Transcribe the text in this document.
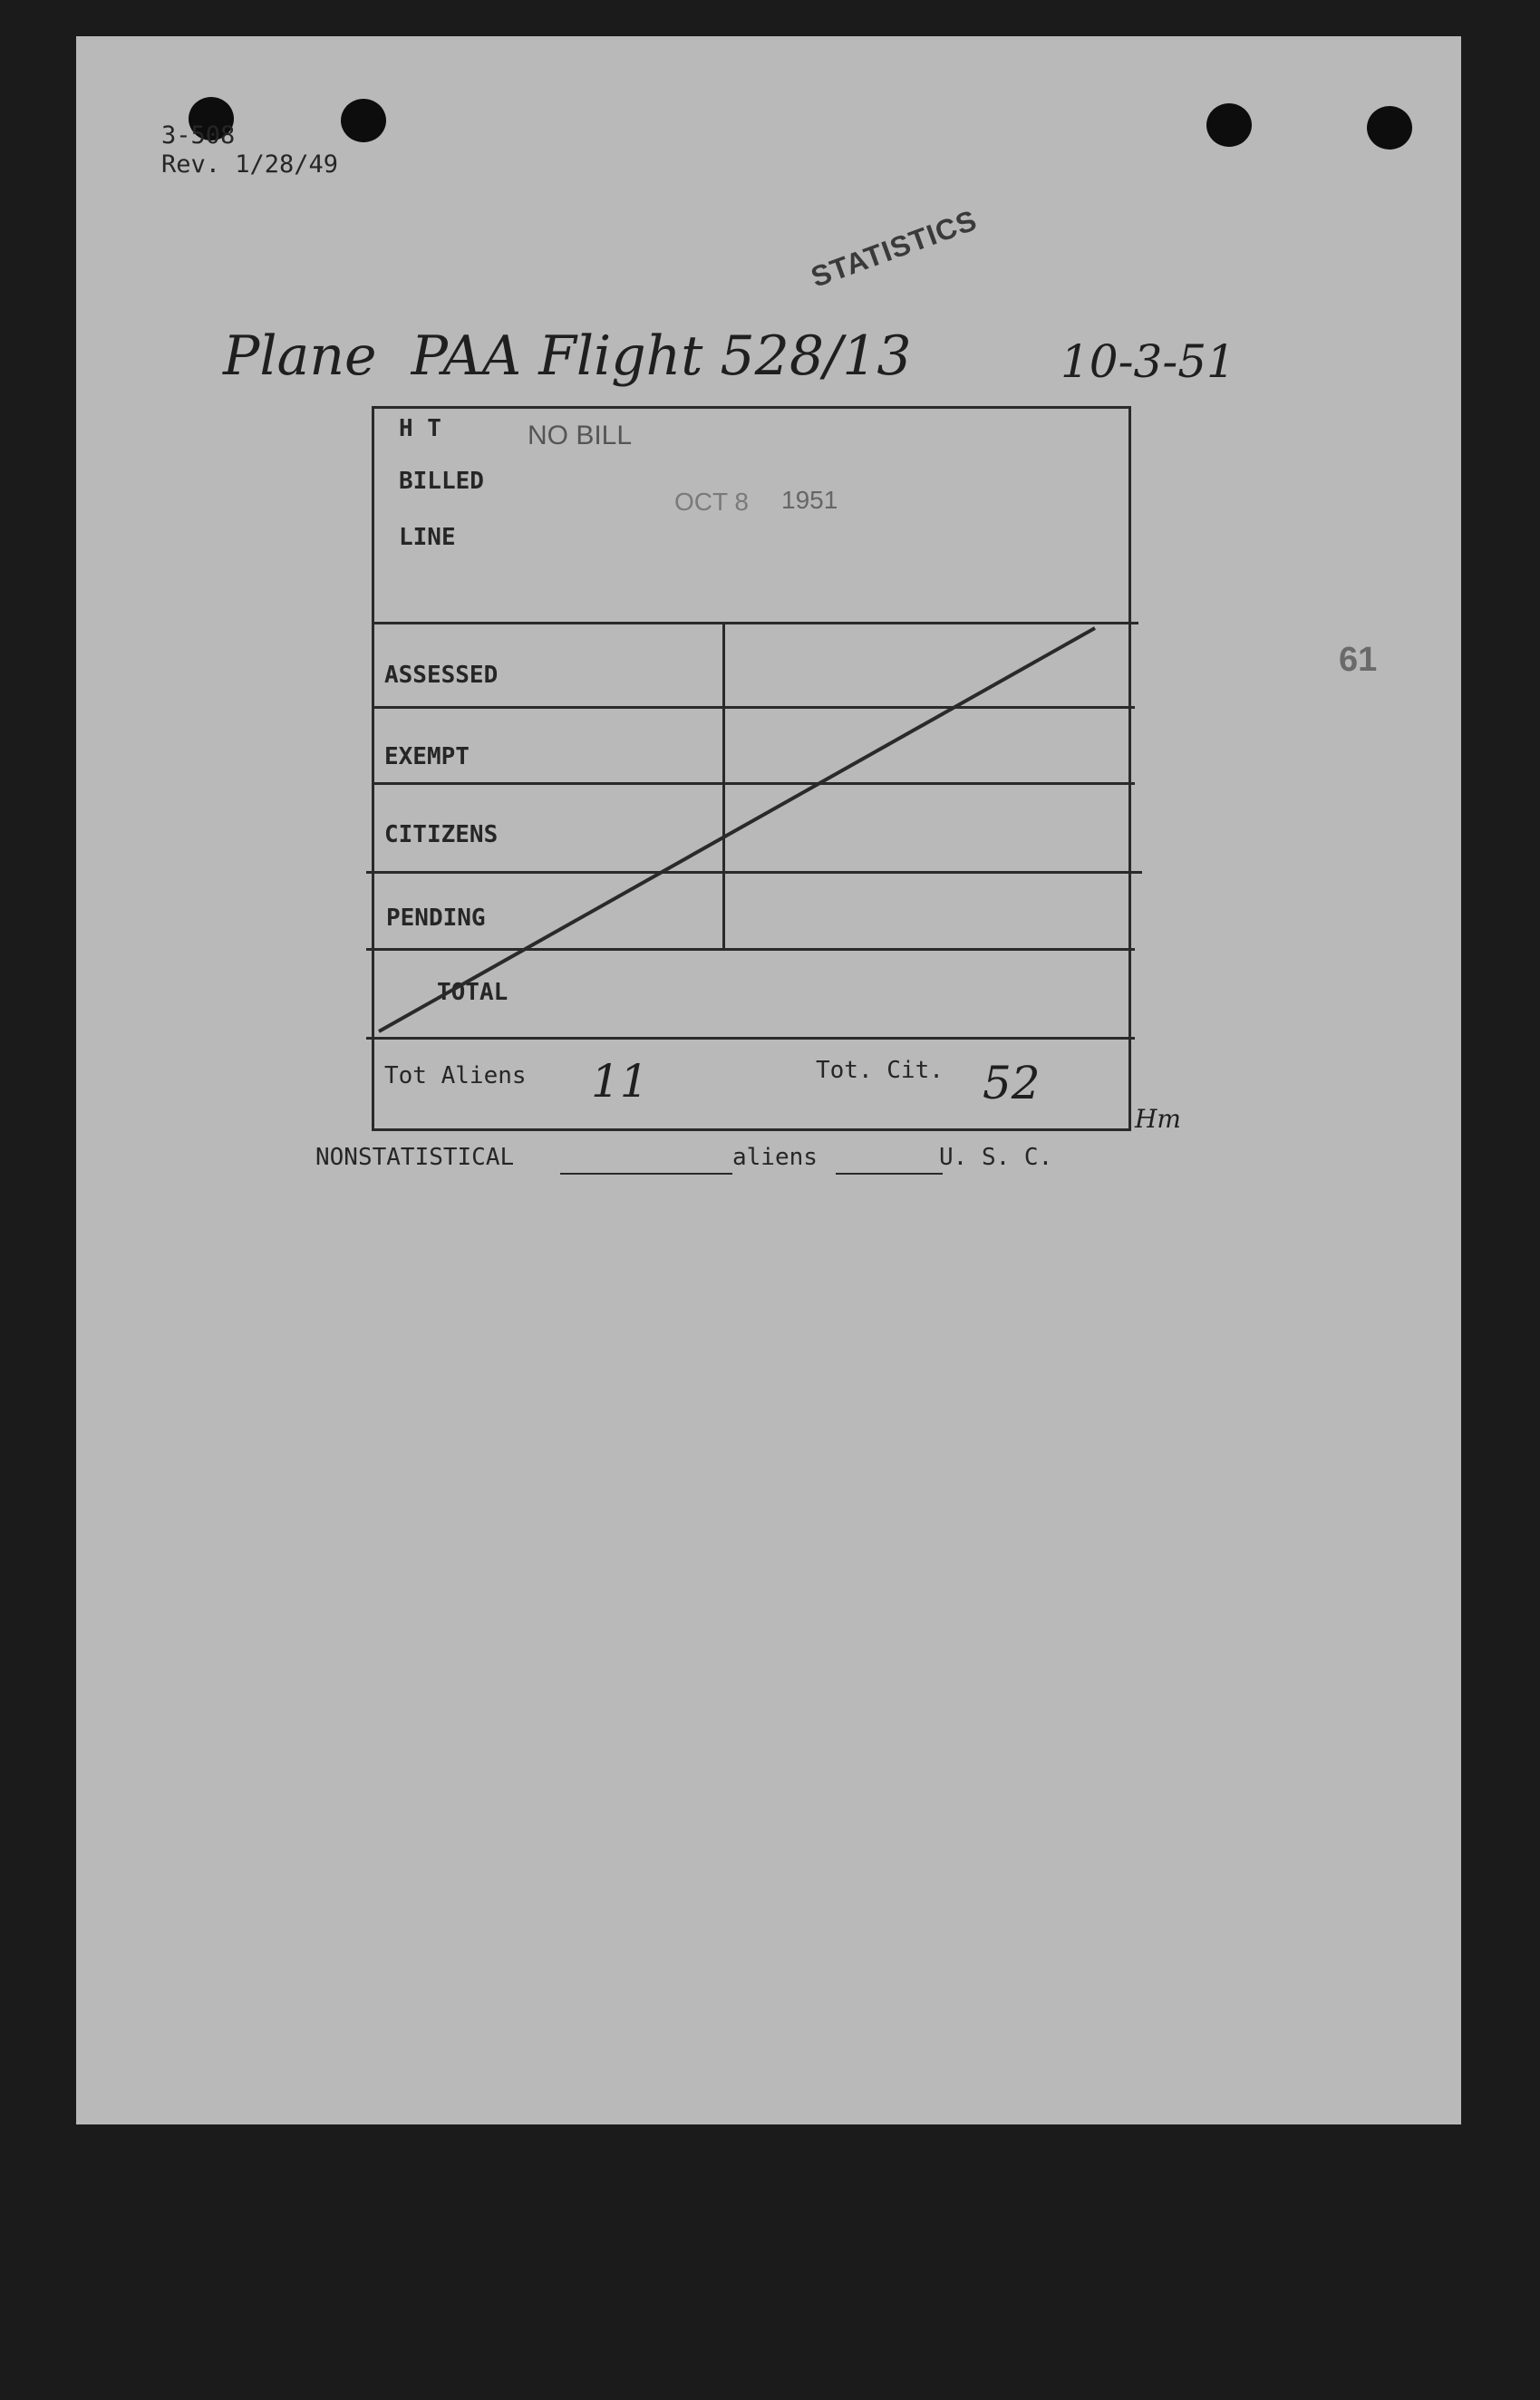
3-508
Rev. 1/28/49
STATISTICS
Plane  PAA Flight 528/13	10-3-51
61
H T
BILLED
LINE
NO BILL
OCT 8 1951
ASSESSED
EXEMPT
CITIZENS
PENDING
TOTAL
Tot Aliens 11	Tot. Cit. 52
Hm
NONSTATISTICAL	aliens	U. S. C.
